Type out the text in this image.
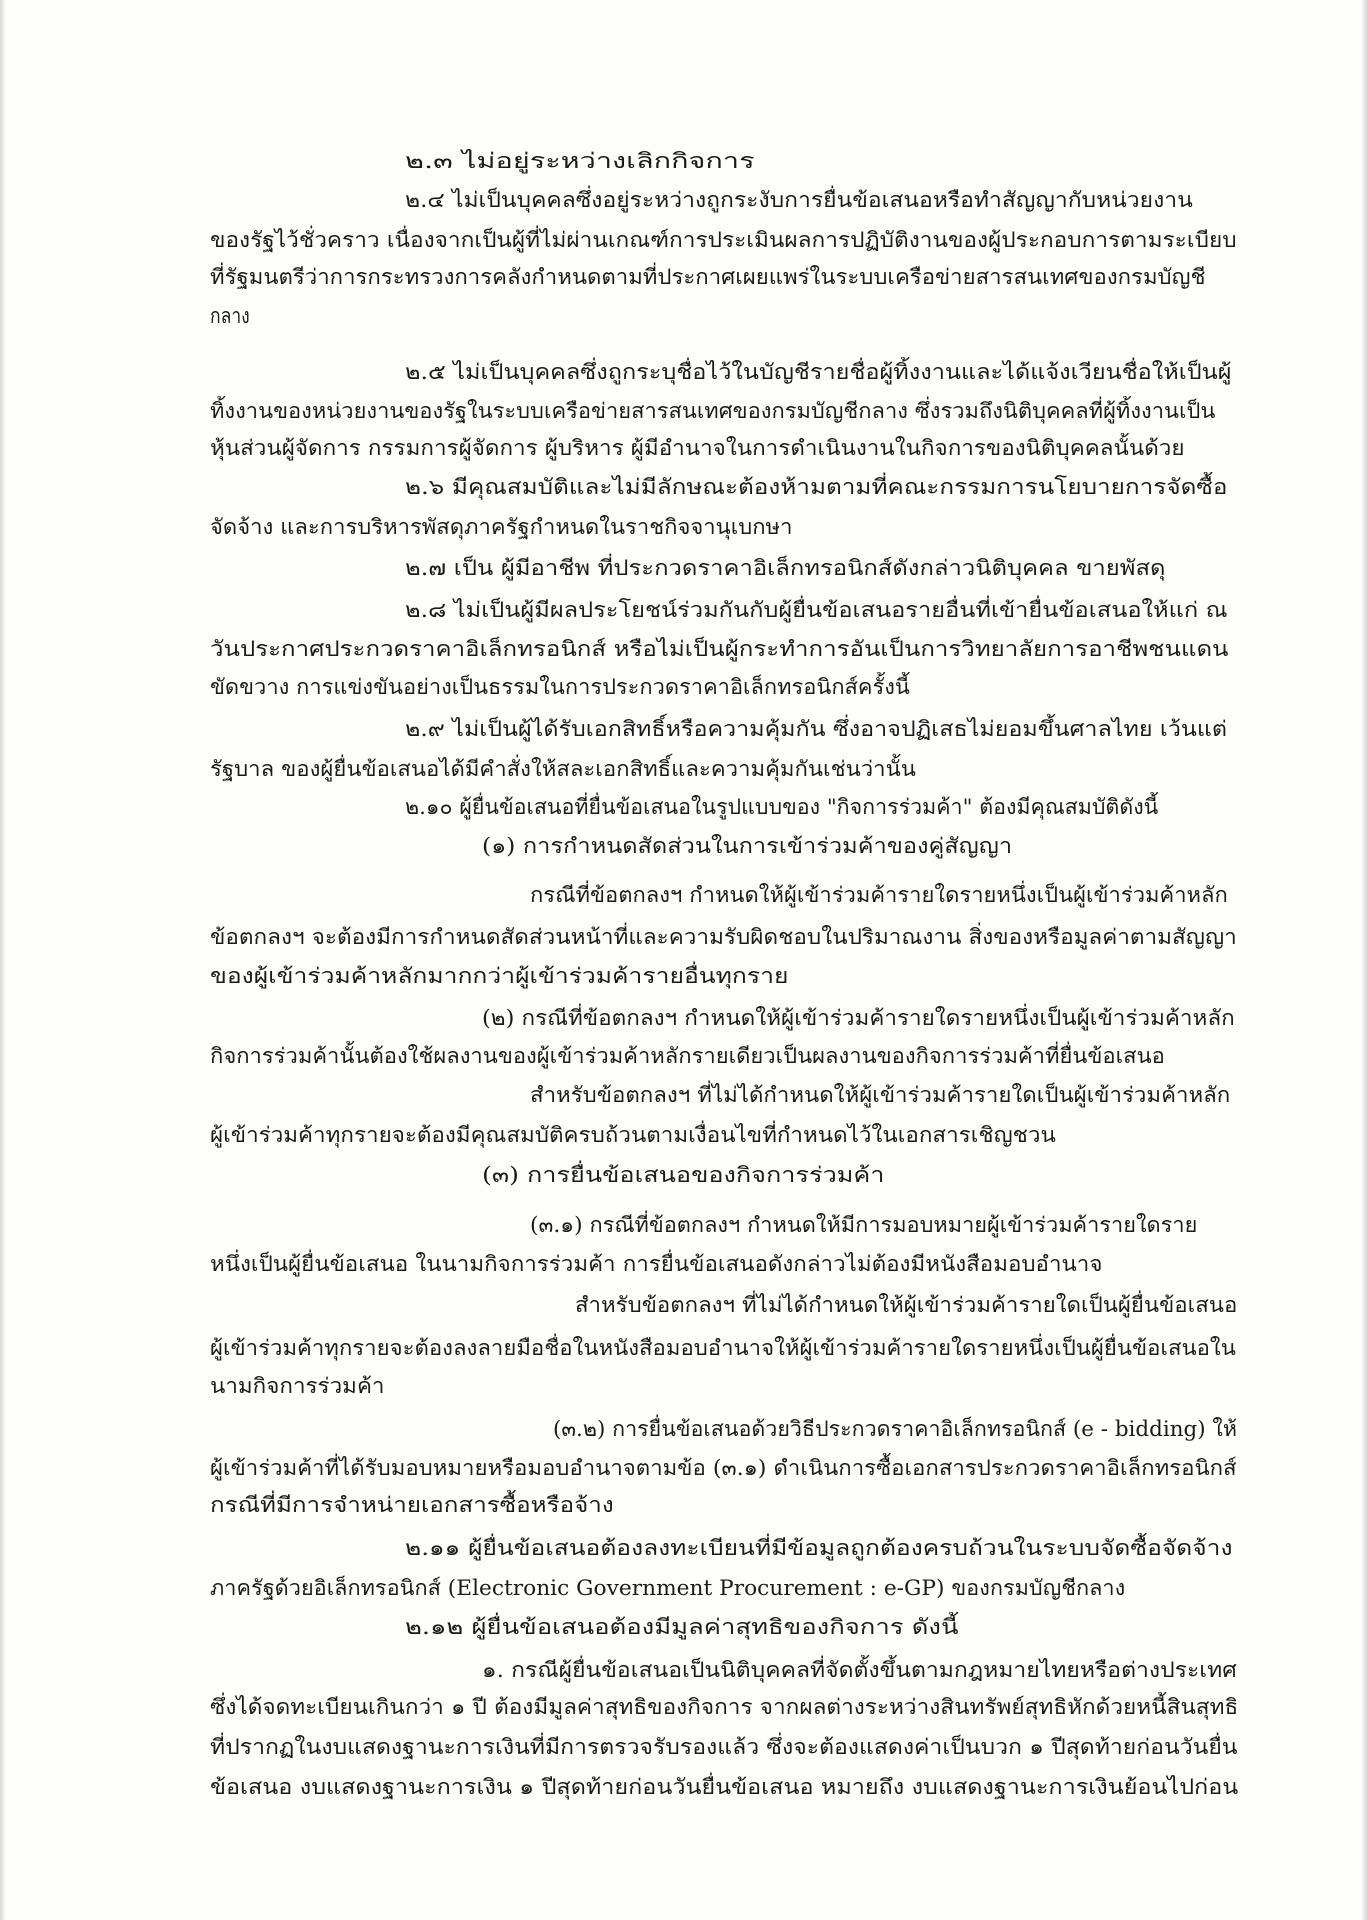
๒.๓ ไม่อยู่ระหว่างเลิกกิจการ
๒.๔ ไม่เป็นบุคคลซึ่งอยู่ระหว่างถูกระงับการยื่นข้อเสนอหรือทำสัญญากับหน่วยงาน
ของรัฐไว้ชั่วคราว เนื่องจากเป็นผู้ที่ไม่ผ่านเกณฑ์การประเมินผลการปฏิบัติงานของผู้ประกอบการตามระเบียบ
ที่รัฐมนตรีว่าการกระทรวงการคลังกำหนดตามที่ประกาศเผยแพร่ในระบบเครือข่ายสารสนเทศของกรมบัญชี
กลาง
๒.๕ ไม่เป็นบุคคลซึ่งถูกระบุชื่อไว้ในบัญชีรายชื่อผู้ทิ้งงานและได้แจ้งเวียนชื่อให้เป็นผู้
ทิ้งงานของหน่วยงานของรัฐในระบบเครือข่ายสารสนเทศของกรมบัญชีกลาง ซึ่งรวมถึงนิติบุคคลที่ผู้ทิ้งงานเป็น
หุ้นส่วนผู้จัดการ กรรมการผู้จัดการ ผู้บริหาร ผู้มีอำนาจในการดำเนินงานในกิจการของนิติบุคคลนั้นด้วย
๒.๖ มีคุณสมบัติและไม่มีลักษณะต้องห้ามตามที่คณะกรรมการนโยบายการจัดซื้อ
จัดจ้าง และการบริหารพัสดุภาครัฐกำหนดในราชกิจจานุเบกษา
๒.๗ เป็น ผู้มีอาชีพ ที่ประกวดราคาอิเล็กทรอนิกส์ดังกล่าวนิติบุคคล ขายพัสดุ
๒.๘ ไม่เป็นผู้มีผลประโยชน์ร่วมกันกับผู้ยื่นข้อเสนอรายอื่นที่เข้ายื่นข้อเสนอให้แก่ ณ
วันประกาศประกวดราคาอิเล็กทรอนิกส์ หรือไม่เป็นผู้กระทำการอันเป็นการวิทยาลัยการอาชีพชนแดน
ขัดขวาง การแข่งขันอย่างเป็นธรรมในการประกวดราคาอิเล็กทรอนิกส์ครั้งนี้
๒.๙ ไม่เป็นผู้ได้รับเอกสิทธิ์หรือความคุ้มกัน ซึ่งอาจปฏิเสธไม่ยอมขึ้นศาลไทย เว้นแต่
รัฐบาล ของผู้ยื่นข้อเสนอได้มีคำสั่งให้สละเอกสิทธิ์และความคุ้มกันเช่นว่านั้น
๒.๑๐ ผู้ยื่นข้อเสนอที่ยื่นข้อเสนอในรูปแบบของ "กิจการร่วมค้า" ต้องมีคุณสมบัติดังนี้
(๑) การกำหนดสัดส่วนในการเข้าร่วมค้าของคู่สัญญา
กรณีที่ข้อตกลงฯ กำหนดให้ผู้เข้าร่วมค้ารายใดรายหนึ่งเป็นผู้เข้าร่วมค้าหลัก
ข้อตกลงฯ จะต้องมีการกำหนดสัดส่วนหน้าที่และความรับผิดชอบในปริมาณงาน สิ่งของหรือมูลค่าตามสัญญา
ของผู้เข้าร่วมค้าหลักมากกว่าผู้เข้าร่วมค้ารายอื่นทุกราย
(๒) กรณีที่ข้อตกลงฯ กำหนดให้ผู้เข้าร่วมค้ารายใดรายหนึ่งเป็นผู้เข้าร่วมค้าหลัก
กิจการร่วมค้านั้นต้องใช้ผลงานของผู้เข้าร่วมค้าหลักรายเดียวเป็นผลงานของกิจการร่วมค้าที่ยื่นข้อเสนอ
สำหรับข้อตกลงฯ ที่ไม่ได้กำหนดให้ผู้เข้าร่วมค้ารายใดเป็นผู้เข้าร่วมค้าหลัก
ผู้เข้าร่วมค้าทุกรายจะต้องมีคุณสมบัติครบถ้วนตามเงื่อนไขที่กำหนดไว้ในเอกสารเชิญชวน
(๓) การยื่นข้อเสนอของกิจการร่วมค้า
(๓.๑) กรณีที่ข้อตกลงฯ กำหนดให้มีการมอบหมายผู้เข้าร่วมค้ารายใดราย
หนึ่งเป็นผู้ยื่นข้อเสนอ ในนามกิจการร่วมค้า การยื่นข้อเสนอดังกล่าวไม่ต้องมีหนังสือมอบอำนาจ
สำหรับข้อตกลงฯ ที่ไม่ได้กำหนดให้ผู้เข้าร่วมค้ารายใดเป็นผู้ยื่นข้อเสนอ
ผู้เข้าร่วมค้าทุกรายจะต้องลงลายมือชื่อในหนังสือมอบอำนาจให้ผู้เข้าร่วมค้ารายใดรายหนึ่งเป็นผู้ยื่นข้อเสนอใน
นามกิจการร่วมค้า
(๓.๒) การยื่นข้อเสนอด้วยวิธีประกวดราคาอิเล็กทรอนิกส์ (e - bidding) ให้
ผู้เข้าร่วมค้าที่ได้รับมอบหมายหรือมอบอำนาจตามข้อ (๓.๑) ดำเนินการซื้อเอกสารประกวดราคาอิเล็กทรอนิกส์
กรณีที่มีการจำหน่ายเอกสารซื้อหรือจ้าง
๒.๑๑ ผู้ยื่นข้อเสนอต้องลงทะเบียนที่มีข้อมูลถูกต้องครบถ้วนในระบบจัดซื้อจัดจ้าง
ภาครัฐด้วยอิเล็กทรอนิกส์ (Electronic Government Procurement : e-GP) ของกรมบัญชีกลาง
๒.๑๒ ผู้ยื่นข้อเสนอต้องมีมูลค่าสุทธิของกิจการ ดังนี้
๑. กรณีผู้ยื่นข้อเสนอเป็นนิติบุคคลที่จัดตั้งขึ้นตามกฎหมายไทยหรือต่างประเทศ
ซึ่งได้จดทะเบียนเกินกว่า ๑ ปี ต้องมีมูลค่าสุทธิของกิจการ จากผลต่างระหว่างสินทรัพย์สุทธิหักด้วยหนี้สินสุทธิ
ที่ปรากฏในงบแสดงฐานะการเงินที่มีการตรวจรับรองแล้ว ซึ่งจะต้องแสดงค่าเป็นบวก ๑ ปีสุดท้ายก่อนวันยื่น
ข้อเสนอ งบแสดงฐานะการเงิน ๑ ปีสุดท้ายก่อนวันยื่นข้อเสนอ หมายถึง งบแสดงฐานะการเงินย้อนไปก่อน
